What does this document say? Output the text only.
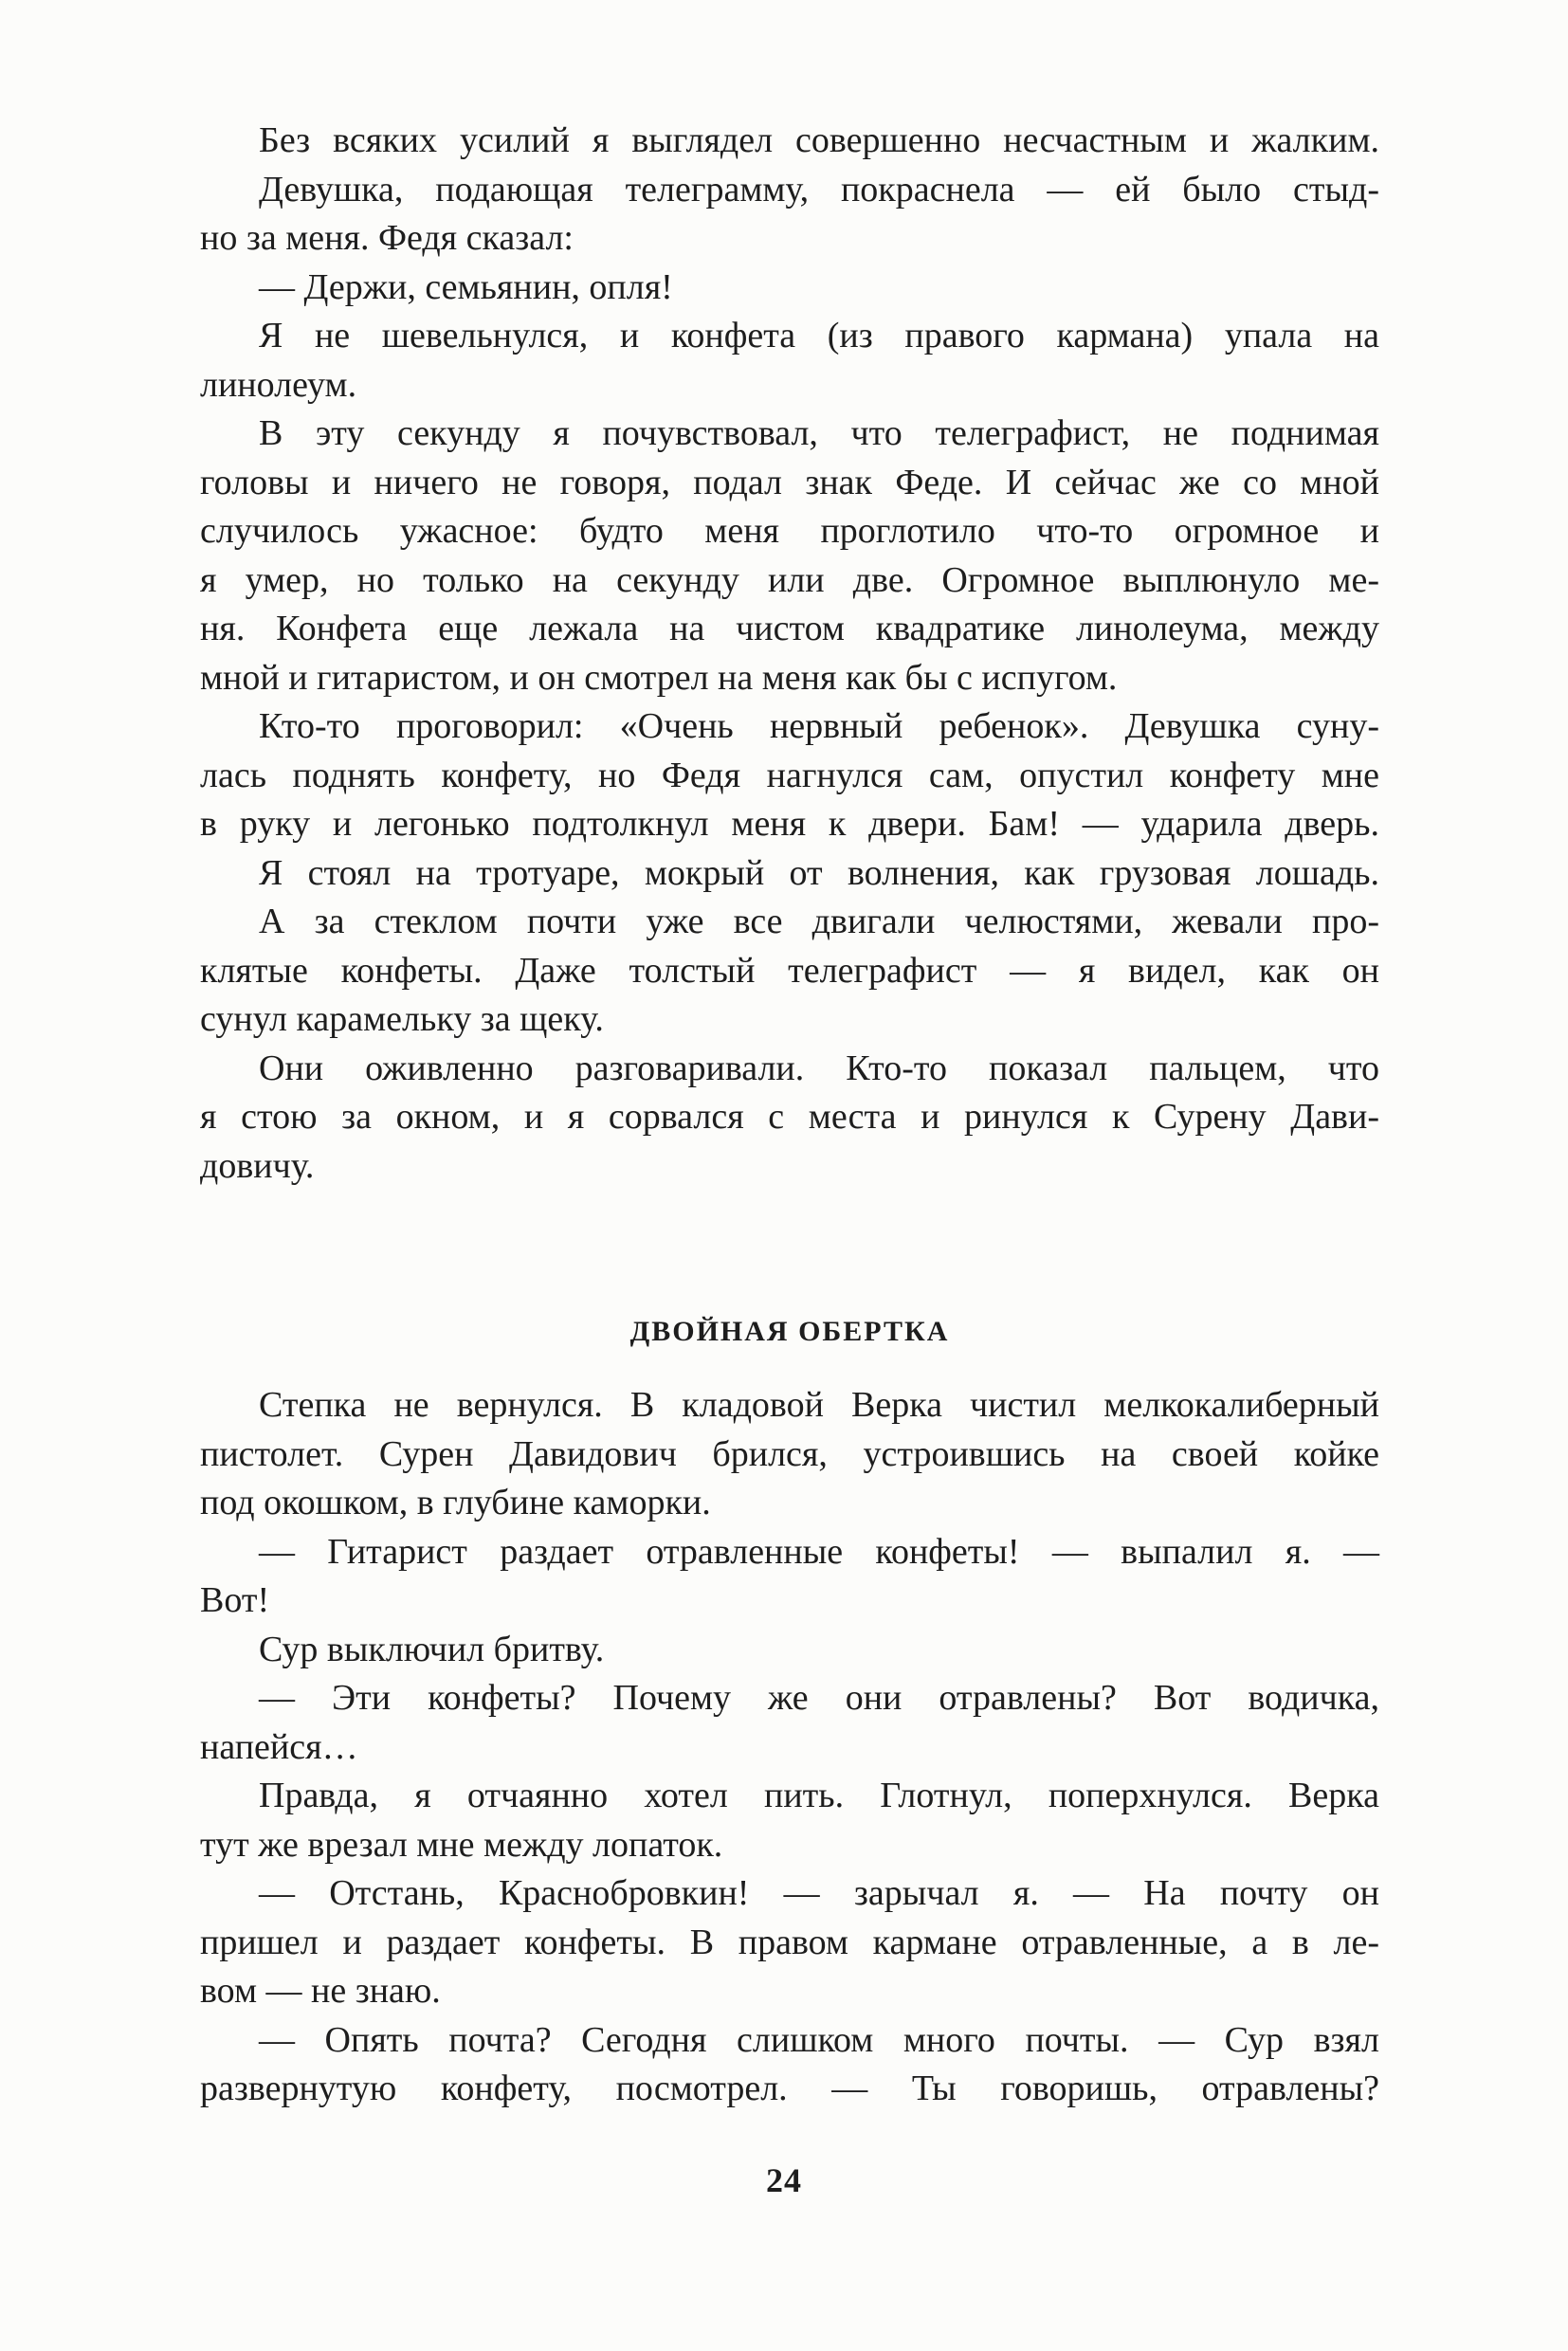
Без всяких усилий я выглядел совершенно несчастным и жалким.
Девушка, подающая телеграмму, покраснела — ей было стыд-
но за меня. Федя сказал:
— Держи, семьянин, опля!
Я не шевельнулся, и конфета (из правого кармана) упала на
линолеум.
В эту секунду я почувствовал, что телеграфист, не поднимая
головы и ничего не говоря, подал знак Феде. И сейчас же со мной
случилось ужасное: будто меня проглотило что-то огромное и
я умер, но только на секунду или две. Огромное выплюнуло ме-
ня. Конфета еще лежала на чистом квадратике линолеума, между
мной и гитаристом, и он смотрел на меня как бы с испугом.
Кто-то проговорил: «Очень нервный ребенок». Девушка суну-
лась поднять конфету, но Федя нагнулся сам, опустил конфету мне
в руку и легонько подтолкнул меня к двери. Бам! — ударила дверь.
Я стоял на тротуаре, мокрый от волнения, как грузовая лошадь.
А за стеклом почти уже все двигали челюстями, жевали про-
клятые конфеты. Даже толстый телеграфист — я видел, как он
сунул карамельку за щеку.
Они оживленно разговаривали. Кто-то показал пальцем, что
я стою за окном, и я сорвался с места и ринулся к Сурену Дави-
довичу.
ДВОЙНАЯ ОБЕРТКА
Степка не вернулся. В кладовой Верка чистил мелкокалиберный
пистолет. Сурен Давидович брился, устроившись на своей койке
под окошком, в глубине каморки.
— Гитарист раздает отравленные конфеты! — выпалил я. —
Вот!
Сур выключил бритву.
— Эти конфеты? Почему же они отравлены? Вот водичка,
напейся…
Правда, я отчаянно хотел пить. Глотнул, поперхнулся. Верка
тут же врезал мне между лопаток.
— Отстань, Краснобровкин! — зарычал я. — На почту он
пришел и раздает конфеты. В правом кармане отравленные, а в ле-
вом — не знаю.
— Опять почта? Сегодня слишком много почты. — Сур взял
развернутую конфету, посмотрел. — Ты говоришь, отравлены?
24
